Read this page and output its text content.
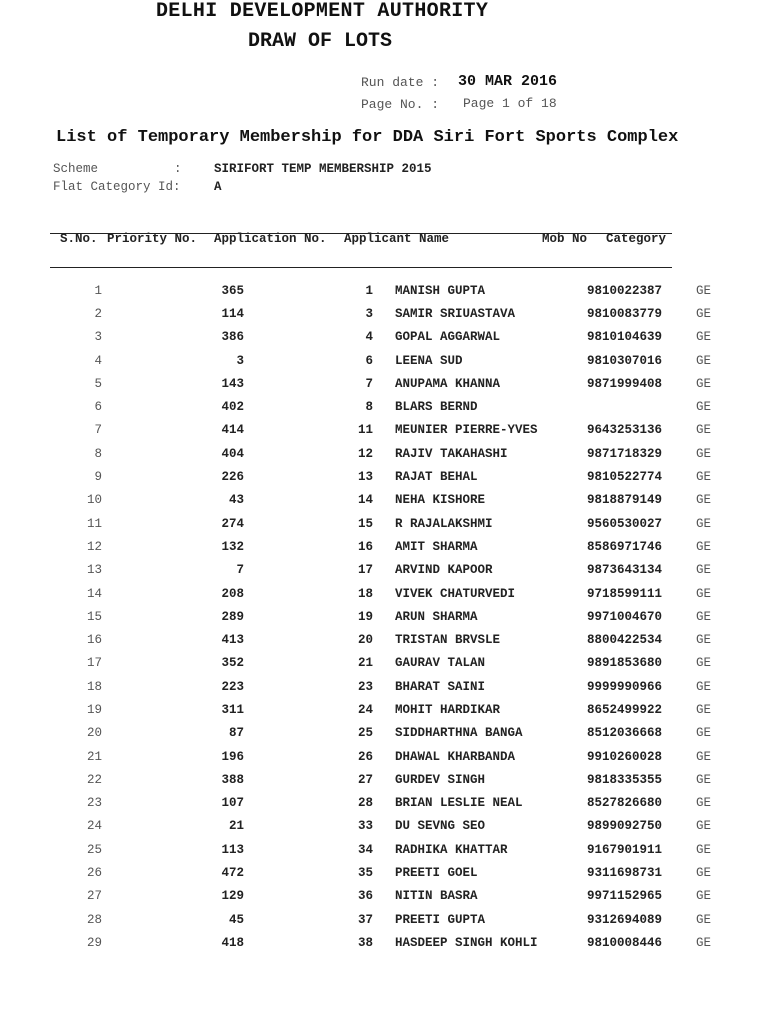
DELHI DEVELOPMENT AUTHORITY
DRAW OF LOTS
Run date : 30 MAR 2016
Page No. : Page 1 of 18
List of Temporary Membership for DDA Siri Fort Sports Complex
Scheme	:	SIRIFORT TEMP MEMBERSHIP 2015
Flat Category Id:	A
S.No. Priority No. Application No. Applicant Name	Mob No Category
1	365	1		MANISH GUPTA	9810022387		GE
2	114	3		SAMIR SRIUASTAVA	9810083779		GE
3	386	4		GOPAL AGGARWAL	9810104639		GE
4	3	6		LEENA SUD	9810307016		GE
5	143	7		ANUPAMA KHANNA	9871999408		GE
6	402	8		BLARS BERND			GE
7	414	11		MEUNIER PIERRE-YVES	9643253136		GE
8	404	12		RAJIV TAKAHASHI	9871718329		GE
9	226	13		RAJAT BEHAL	9810522774		GE
10	43	14		NEHA KISHORE	9818879149		GE
11	274	15		R RAJALAKSHMI	9560530027		GE
12	132	16		AMIT SHARMA	8586971746		GE
13	7	17		ARVIND KAPOOR	9873643134		GE
14	208	18		VIVEK CHATURVEDI	9718599111		GE
15	289	19		ARUN SHARMA	9971004670		GE
16	413	20		TRISTAN BRVSLE	8800422534		GE
17	352	21		GAURAV TALAN	9891853680		GE
18	223	23		BHARAT SAINI	9999990966		GE
19	311	24		MOHIT HARDIKAR	8652499922		GE
20	87	25		SIDDHARTHNA BANGA	8512036668		GE
21	196	26		DHAWAL KHARBANDA	9910260028		GE
22	388	27		GURDEV SINGH	9818335355		GE
23	107	28		BRIAN LESLIE NEAL	8527826680		GE
24	21	33		DU SEVNG SEO	9899092750		GE
25	113	34		RADHIKA KHATTAR	9167901911		GE
26	472	35		PREETI GOEL	9311698731		GE
27	129	36		NITIN BASRA	9971152965		GE
28	45	37		PREETI GUPTA	9312694089		GE
29	418	38		HASDEEP SINGH KOHLI	9810008446		GE
